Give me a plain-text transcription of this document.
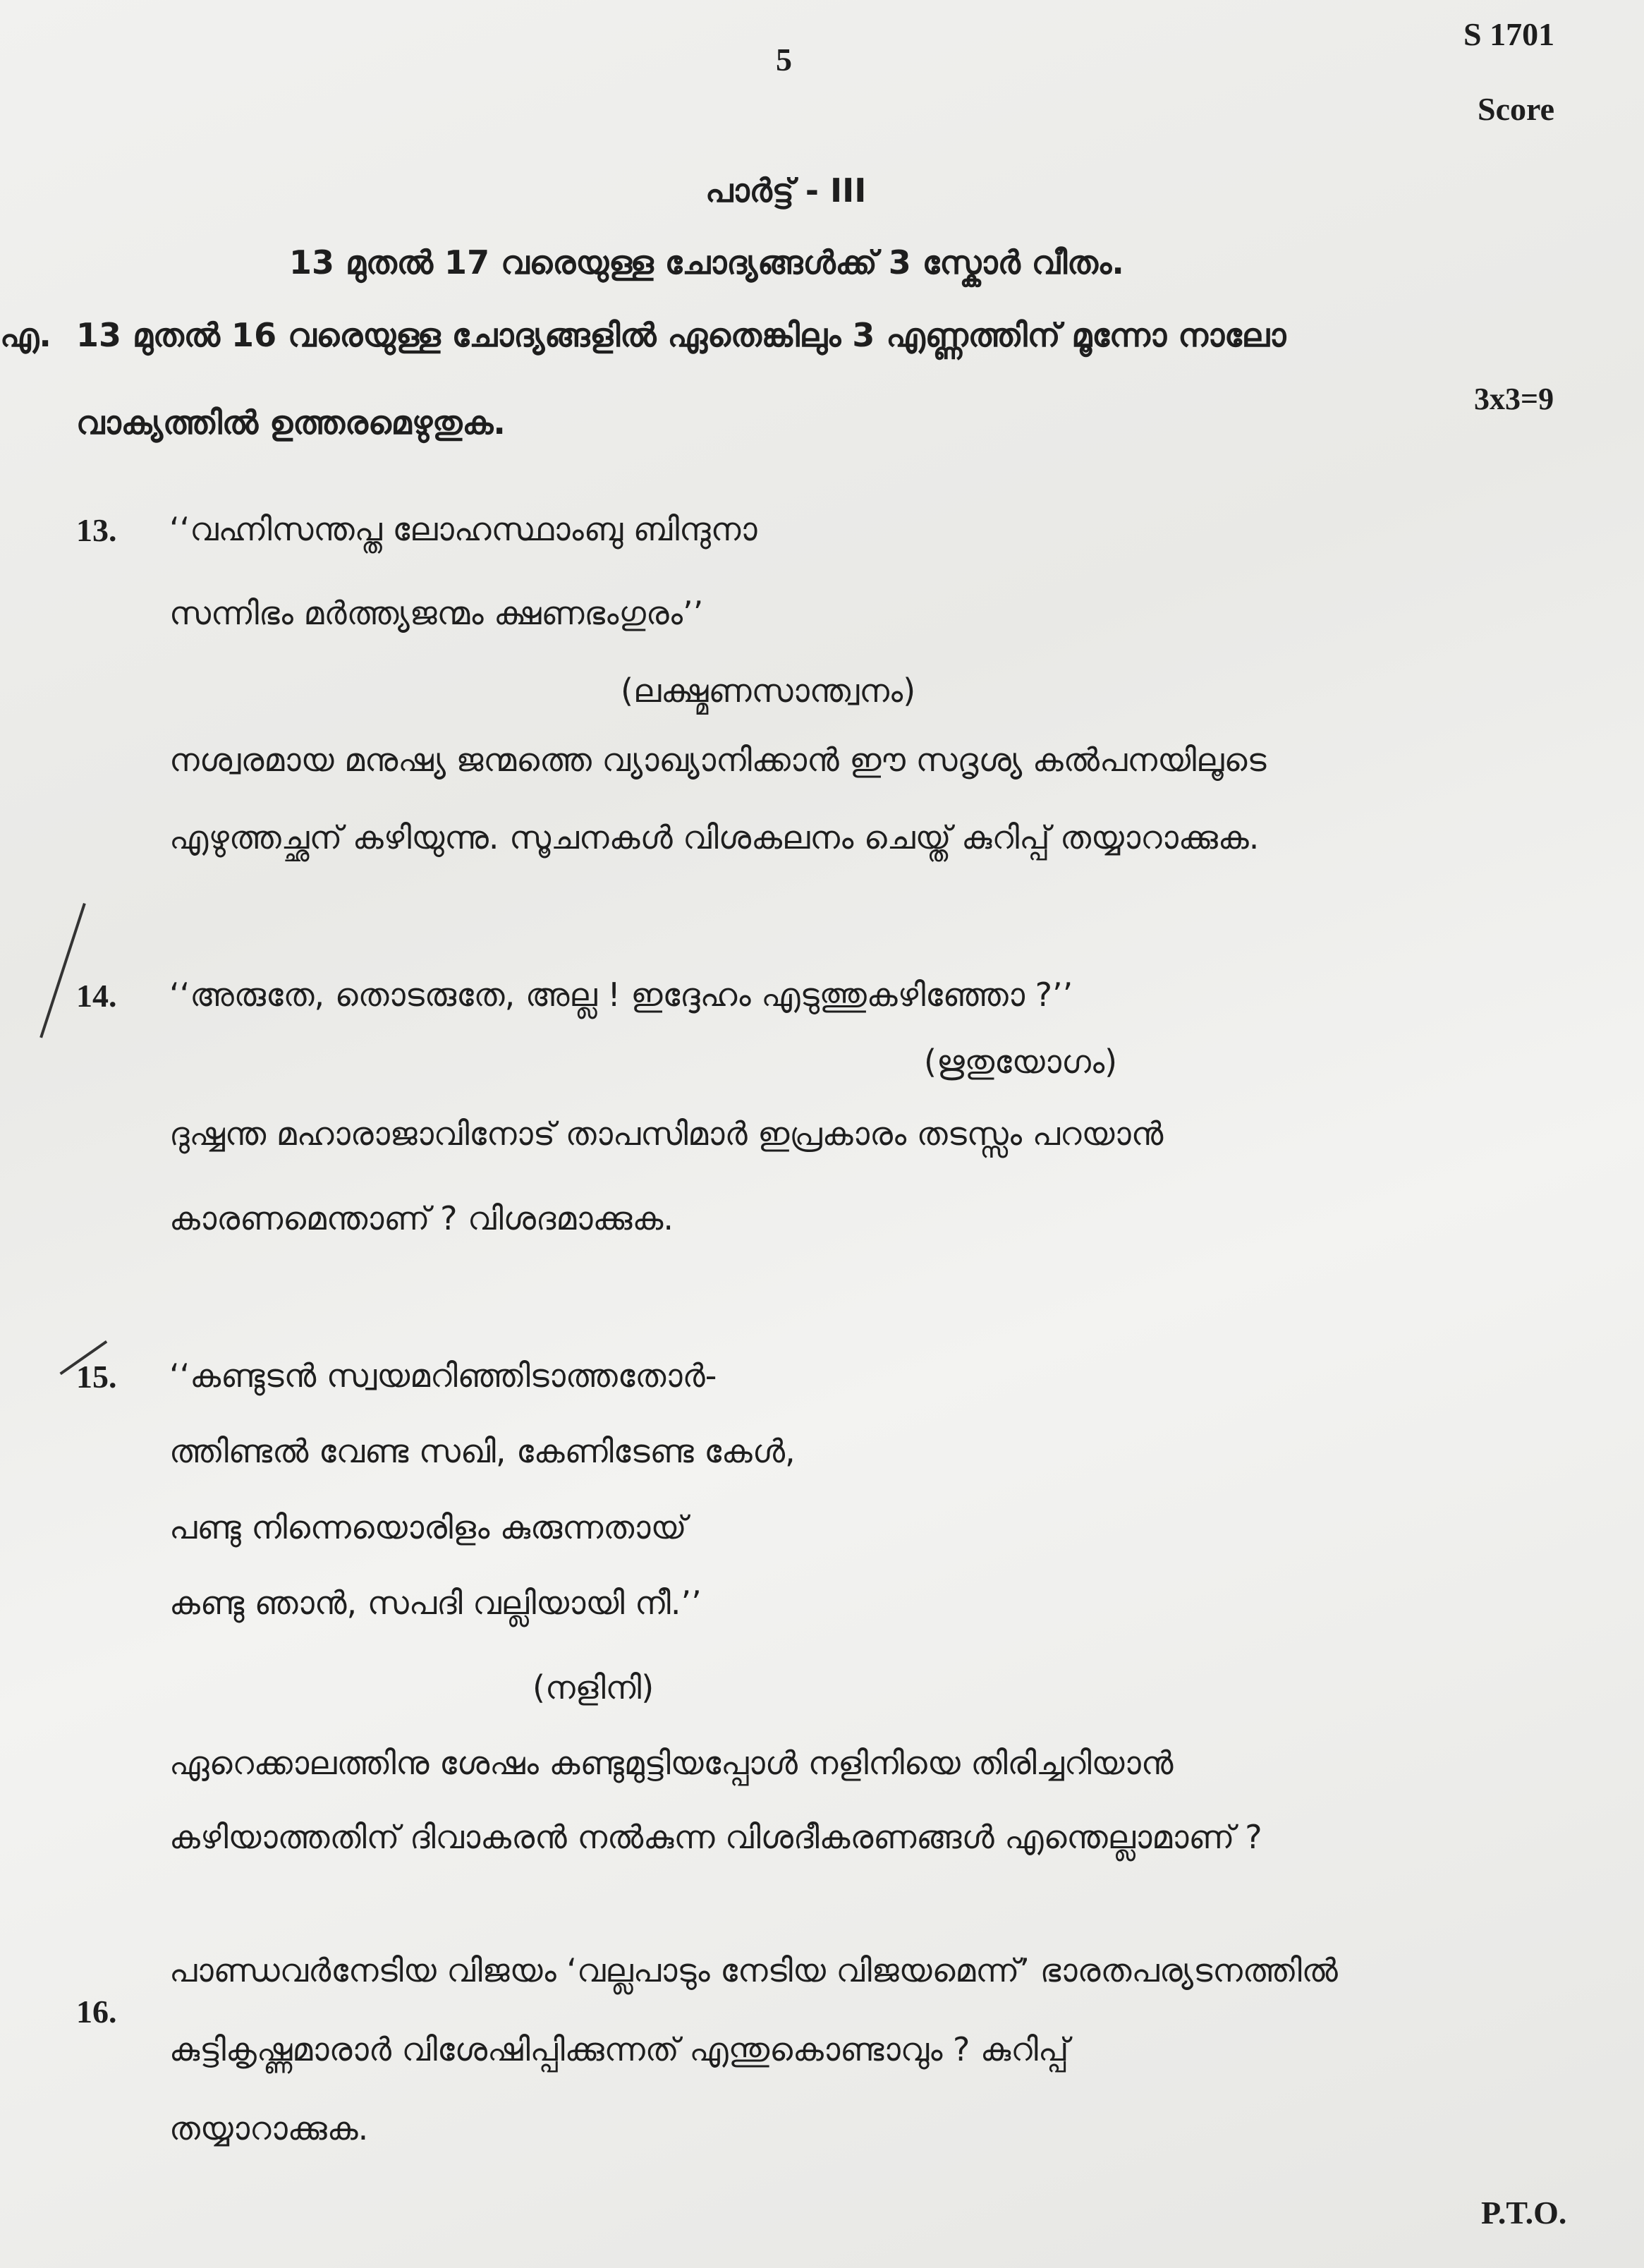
5
S 1701
Score
പാർട്ട് - III
13 മുതൽ 17 വരെയുള്ള ചോദ്യങ്ങൾക്ക് 3 സ്കോർ വീതം.
എ. 13 മുതൽ 16 വരെയുള്ള ചോദ്യങ്ങളിൽ ഏതെങ്കിലും 3 എണ്ണത്തിന് മൂന്നോ നാലോ
വാക്യത്തിൽ ഉത്തരമെഴുതുക.
3x3=9
13. ‘‘വഹ്നിസന്തപ്ത ലോഹസ്ഥാംബു ബിന്ദുനാ
സന്നിഭം മർത്ത്യജന്മം ക്ഷണഭംഗുരം’’
(ലക്ഷ്മണസാന്ത്വനം)
നശ്വരമായ മനുഷ്യ ജന്മത്തെ വ്യാഖ്യാനിക്കാൻ ഈ സദൃശ്യ കൽപനയിലൂടെ
എഴുത്തച്ഛന് കഴിയുന്നു. സൂചനകൾ വിശകലനം ചെയ്ത് കുറിപ്പ് തയ്യാറാക്കുക.
14. ‘‘അരുതേ, തൊടരുതേ, അല്ല ! ഇദ്ദേഹം എടുത്തുകഴിഞ്ഞോ ?’’
(ഋതുയോഗം)
ദുഷ്ഷന്ത മഹാരാജാവിനോട് താപസിമാർ ഇപ്രകാരം തടസ്സം പറയാൻ
കാരണമെന്താണ് ? വിശദമാക്കുക.
15. ‘‘കണ്ടുടൻ സ്വയമറിഞ്ഞിടാത്തതോർ-
ത്തിണ്ടൽ വേണ്ട സഖി, കേണിടേണ്ട കേൾ,
പണ്ടു നിന്നെയൊരിളം കുരുന്നതായ്
കണ്ടു ഞാൻ, സപദി വല്ലിയായി നീ.’’
(നളിനി)
ഏറെക്കാലത്തിനു ശേഷം കണ്ടുമുട്ടിയപ്പോൾ നളിനിയെ തിരിച്ചറിയാൻ
കഴിയാത്തതിന് ദിവാകരൻ നൽകുന്ന വിശദീകരണങ്ങൾ എന്തെല്ലാമാണ് ?
16.
പാണ്ഡവർനേടിയ വിജയം ‘വല്ലപാടും നേടിയ വിജയമെന്ന്’ ഭാരതപര്യടനത്തിൽ
കുട്ടികൃഷ്ണമാരാർ വിശേഷിപ്പിക്കുന്നത് എന്തുകൊണ്ടാവും ? കുറിപ്പ്
തയ്യാറാക്കുക.
P.T.O.
